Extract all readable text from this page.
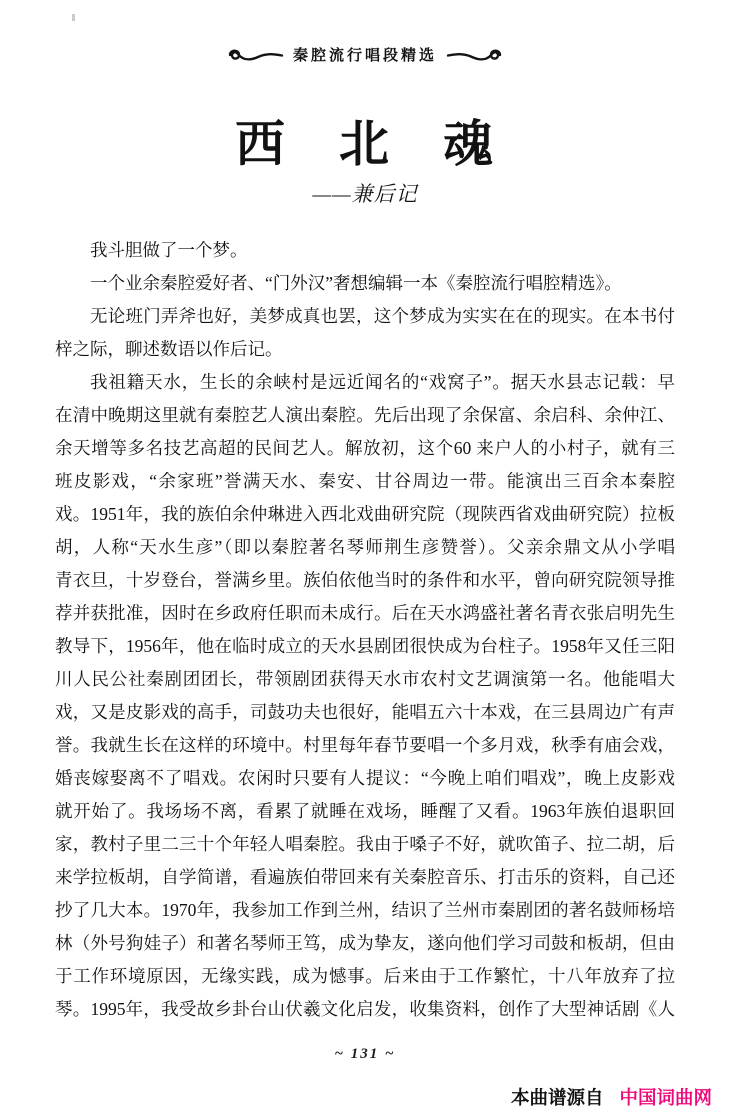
秦腔流行唱段精选
西　北　魂
——兼后记
我斗胆做了一个梦。
一个业余秦腔爱好者、“门外汉”奢想编辑一本《秦腔流行唱腔精选》。
无论班门弄斧也好，美梦成真也罢，这个梦成为实实在在的现实。在本书付
梓之际，聊述数语以作后记。
我祖籍天水，生长的余峡村是远近闻名的“戏窝子”。据天水县志记载：早
在清中晚期这里就有秦腔艺人演出秦腔。先后出现了余保富、余启科、余仲江、
余天增等多名技艺高超的民间艺人。解放初，这个60 来户人的小村子，就有三
班皮影戏，“余家班”誉满天水、秦安、甘谷周边一带。能演出三百余本秦腔
戏。1951年，我的族伯余仲琳进入西北戏曲研究院（现陕西省戏曲研究院）拉板
胡，人称“天水生彦”（即以秦腔著名琴师荆生彦赞誉）。父亲余鼎文从小学唱
青衣旦，十岁登台，誉满乡里。族伯依他当时的条件和水平，曾向研究院领导推
荐并获批准，因时在乡政府任职而未成行。后在天水鸿盛社著名青衣张启明先生
教导下，1956年，他在临时成立的天水县剧团很快成为台柱子。1958年又任三阳
川人民公社秦剧团团长，带领剧团获得天水市农村文艺调演第一名。他能唱大
戏，又是皮影戏的高手，司鼓功夫也很好，能唱五六十本戏，在三县周边广有声
誉。我就生长在这样的环境中。村里每年春节要唱一个多月戏，秋季有庙会戏，
婚丧嫁娶离不了唱戏。农闲时只要有人提议：“今晚上咱们唱戏”，晚上皮影戏
就开始了。我场场不离，看累了就睡在戏场，睡醒了又看。1963年族伯退职回
家，教村子里二三十个年轻人唱秦腔。我由于嗓子不好，就吹笛子、拉二胡，后
来学拉板胡，自学简谱，看遍族伯带回来有关秦腔音乐、打击乐的资料，自己还
抄了几大本。1970年，我参加工作到兰州，结识了兰州市秦剧团的著名鼓师杨培
林（外号狗娃子）和著名琴师王笃，成为挚友，遂向他们学习司鼓和板胡，但由
于工作环境原因，无缘实践，成为憾事。后来由于工作繁忙，十八年放弃了拉
琴。1995年，我受故乡卦台山伏羲文化启发，收集资料，创作了大型神话剧《人
~ 131 ~
本曲谱源自 中国词曲网
